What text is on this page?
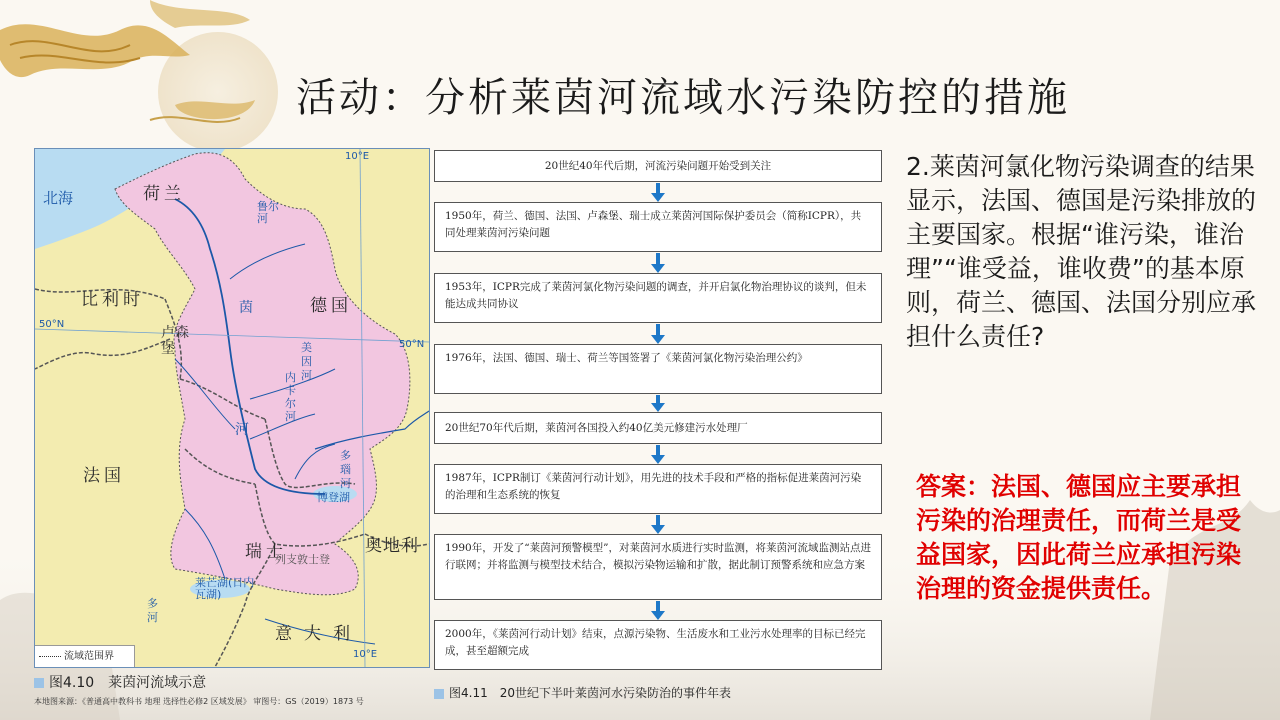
活动：分析莱茵河流域水污染防控的措施
北海	荷兰
比利时	德国
卢森堡
法国
瑞士	奥地利
意大利
10°E
10°E
50°N
50°N
鲁尔河
茵
河
美因河
内卡尔河
多瑙河
博登湖
列支敦士登
莱芒湖(日内瓦湖)
多河
流域范围界
图4.10　莱茵河流域示意
本地图来源：《普通高中教科书 地理 选择性必修2 区域发展》 审图号：GS（2019）1873 号
20世纪40年代后期，河流污染问题开始受到关注
1950年，荷兰、德国、法国、卢森堡、瑞士成立莱茵河国际保护委员会（简称ICPR），共同处理莱茵河污染问题
1953年，ICPR完成了莱茵河氯化物污染问题的调查，并开启氯化物治理协议的谈判，但未能达成共同协议
1976年，法国、德国、瑞士、荷兰等国签署了《莱茵河氯化物污染治理公约》
20世纪70年代后期，莱茵河各国投入约40亿美元修建污水处理厂
1987年，ICPR制订《莱茵河行动计划》，用先进的技术手段和严格的指标促进莱茵河污染的治理和生态系统的恢复
1990年，开发了“莱茵河预警模型”，对莱茵河水质进行实时监测，将莱茵河流域监测站点进行联网；并将监测与模型技术结合，模拟污染物运输和扩散，据此制订预警系统和应急方案
2000年，《莱茵河行动计划》结束，点源污染物、生活废水和工业污水处理率的目标已经完成，甚至超额完成
图4.11　20世纪下半叶莱茵河水污染防治的事件年表
2.莱茵河氯化物污染调查的结果显示，法国、德国是污染排放的主要国家。根据“谁污染，谁治理”“谁受益，谁收费”的基本原则，荷兰、德国、法国分别应承担什么责任?
答案：法国、德国应主要承担污染的治理责任，而荷兰是受益国家，因此荷兰应承担污染治理的资金提供责任。
